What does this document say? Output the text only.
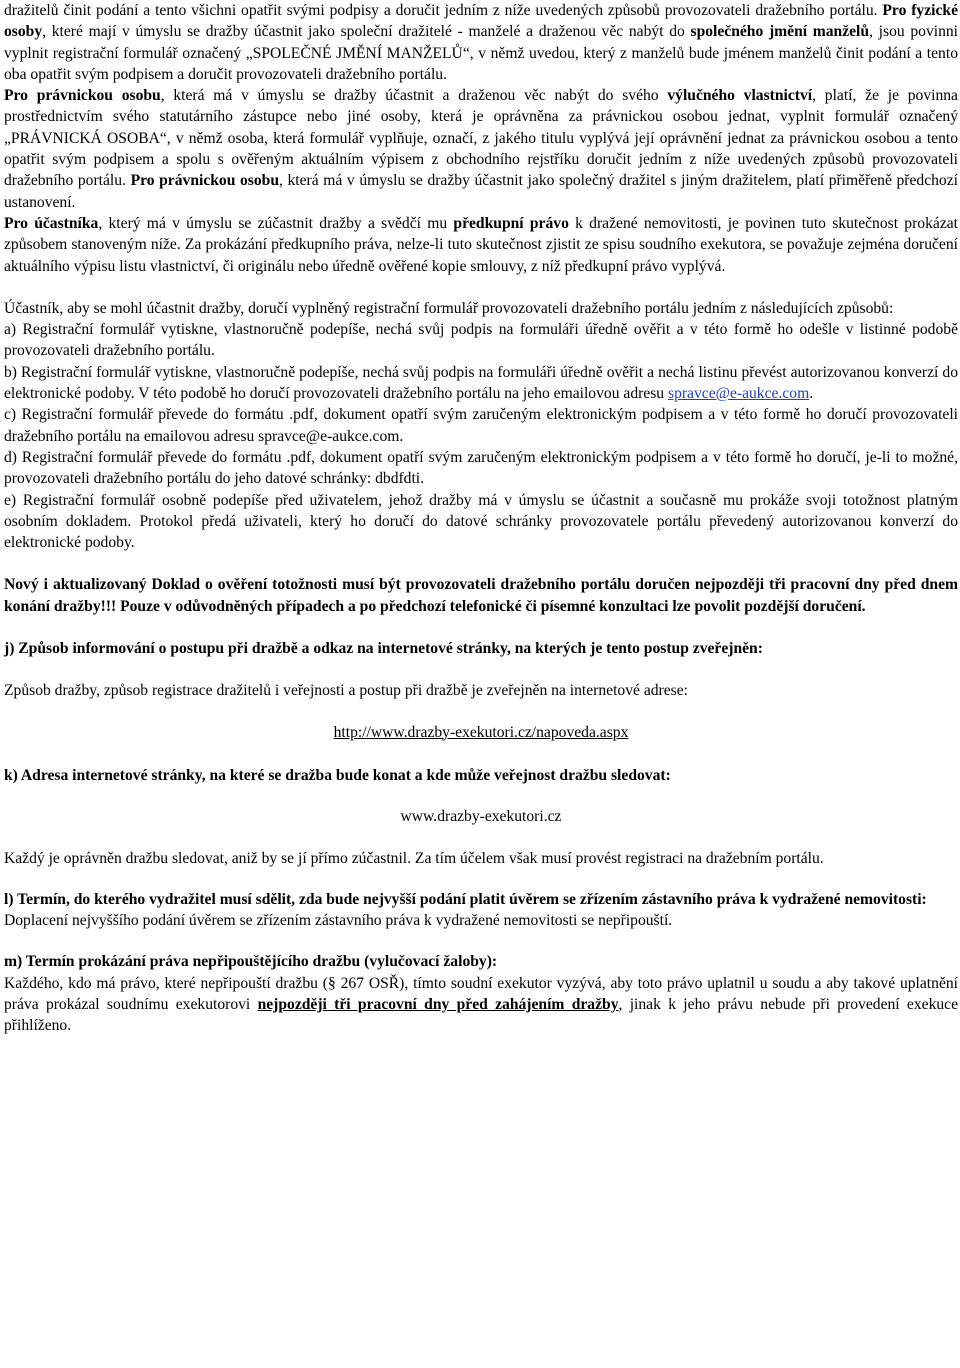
dražitelů činit podání a tento všichni opatřit svými podpisy a doručit jedním z níže uvedených způsobů provozovateli dražebního portálu. Pro fyzické osoby, které mají v úmyslu se dražby účastnit jako společní dražitelé - manželé a draženou věc nabýt do společného jmění manželů, jsou povinni vyplnit registrační formulář označený „SPOLEČNÉ JMĚNÍ MANŽELŮ“, v němž uvedou, který z manželů bude jménem manželů činit podání a tento oba opatřit svým podpisem a doručit provozovateli dražebního portálu.

Pro právnickou osobu, která má v úmyslu se dražby účastnit a draženou věc nabýt do svého výlučného vlastnictví, platí, že je povinna prostřednictvím svého statutárního zástupce nebo jiné osoby, která je oprávněna za právnickou osobou jednat, vyplnit formulář označený „PRÁVNICKÁ OSOBA“, v němž osoba, která formulář vyplňuje, označí, z jakého titulu vyplývá její oprávnění jednat za právnickou osobou a tento opatřit svým podpisem a spolu s ověřeným aktuálním výpisem z obchodního rejstříku doručit jedním z níže uvedených způsobů provozovateli dražebního portálu. Pro právnickou osobu, která má v úmyslu se dražby účastnit jako společný dražitel s jiným dražitelem, platí přiměřeně předchozí ustanovení.

Pro účastníka, který má v úmyslu se zúčastnit dražby a svědčí mu předkupní právo k dražené nemovitosti, je povinen tuto skutečnost prokázat způsobem stanoveným níže. Za prokázání předkupního práva, nelze-li tuto skutečnost zjistit ze spisu soudního exekutora, se považuje zejména doručení aktuálního výpisu listu vlastnictví, či originálu nebo úředně ověřené kopie smlouvy, z níž předkupní právo vyplývá.

Účastník, aby se mohl účastnit dražby, doručí vyplněný registrační formulář provozovateli dražebního portálu jedním z následujících způsobů:

a) Registrační formulář vytiskne, vlastnoručně podepíše, nechá svůj podpis na formuláři úředně ověřit a v této formě ho odešle v listinné podobě provozovateli dražebního portálu.

b) Registrační formulář vytiskne, vlastnoručně podepíše, nechá svůj podpis na formuláři úředně ověřit a nechá listinu převést autorizovanou konverzí do elektronické podoby. V této podobě ho doručí provozovateli dražebního portálu na jeho emailovou adresu spravce@e-aukce.com.

c) Registrační formulář převede do formátu .pdf, dokument opatří svým zaručeným elektronickým podpisem a v této formě ho doručí provozovateli dražebního portálu na emailovou adresu spravce@e-aukce.com.

d) Registrační formulář převede do formátu .pdf, dokument opatří svým zaručeným elektronickým podpisem a v této formě ho doručí, je-li to možné, provozovateli dražebního portálu do jeho datové schránky: dbdfdti.

e) Registrační formulář osobně podepíše před uživatelem, jehož dražby má v úmyslu se účastnit a současně mu prokáže svoji totožnost platným osobním dokladem. Protokol předá uživateli, který ho doručí do datové schránky provozovatele portálu převedený autorizovanou konverzí do elektronické podoby.

Nový i aktualizovaný Doklad o ověření totožnosti musí být provozovateli dražebního portálu doručen nejpozději tři pracovní dny před dnem konání dražby!!! Pouze v odůvodněných případech a po předchozí telefonické či písemné konzultaci lze povolit pozdější doručení.

j) Způsob informování o postupu při dražbě a odkaz na internetové stránky, na kterých je tento postup zveřejněn:

Způsob dražby, způsob registrace dražitelů i veřejnosti a postup při dražbě je zveřejněn na internetové adrese:

http://www.drazby-exekutori.cz/napoveda.aspx

k) Adresa internetové stránky, na které se dražba bude konat a kde může veřejnost dražbu sledovat:

www.drazby-exekutori.cz

Každý je oprávněn dražbu sledovat, aniž by se jí přímo zúčastnil. Za tím účelem však musí provést registraci na dražebním portálu.

l) Termín, do kterého vydražitel musí sdělit, zda bude nejvyšší podání platit úvěrem se zřízením zástavního práva k vydražené nemovitosti:

Doplacení nejvyššího podání úvěrem se zřízením zástavního práva k vydražené nemovitosti se nepřipouští.

m) Termín prokázání práva nepřipouštějícího dražbu (vylučovací žaloby):

Každého, kdo má právo, které nepřipouští dražbu (§ 267 OSŘ), tímto soudní exekutor vyzývá, aby toto právo uplatnil u soudu a aby takové uplatnění práva prokázal soudnímu exekutorovi nejpozději tři pracovní dny před zahájením dražby, jinak k jeho právu nebude při provedení exekuce přihlíženo.
